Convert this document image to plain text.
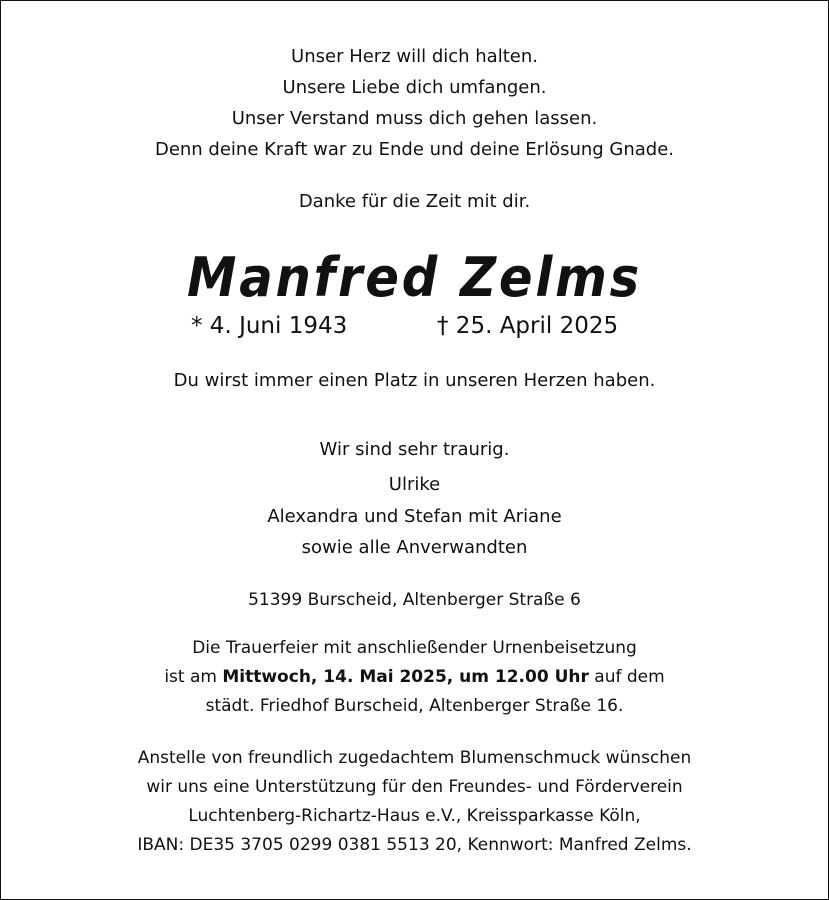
Unser Herz will dich halten.
Unsere Liebe dich umfangen.
Unser Verstand muss dich gehen lassen.
Denn deine Kraft war zu Ende und deine Erlösung Gnade.
Danke für die Zeit mit dir.
Manfred Zelms
* 4. Juni 1943	† 25. April 2025
Du wirst immer einen Platz in unseren Herzen haben.
Wir sind sehr traurig.
Ulrike
Alexandra und Stefan mit Ariane
sowie alle Anverwandten
51399 Burscheid, Altenberger Straße 6
Die Trauerfeier mit anschließender Urnenbeisetzung
ist am Mittwoch, 14. Mai 2025, um 12.00 Uhr auf dem
städt. Friedhof Burscheid, Altenberger Straße 16.
Anstelle von freundlich zugedachtem Blumenschmuck wünschen
wir uns eine Unterstützung für den Freundes- und Förderverein
Luchtenberg-Richartz-Haus e.V., Kreissparkasse Köln,
IBAN: DE35 3705 0299 0381 5513 20, Kennwort: Manfred Zelms.
